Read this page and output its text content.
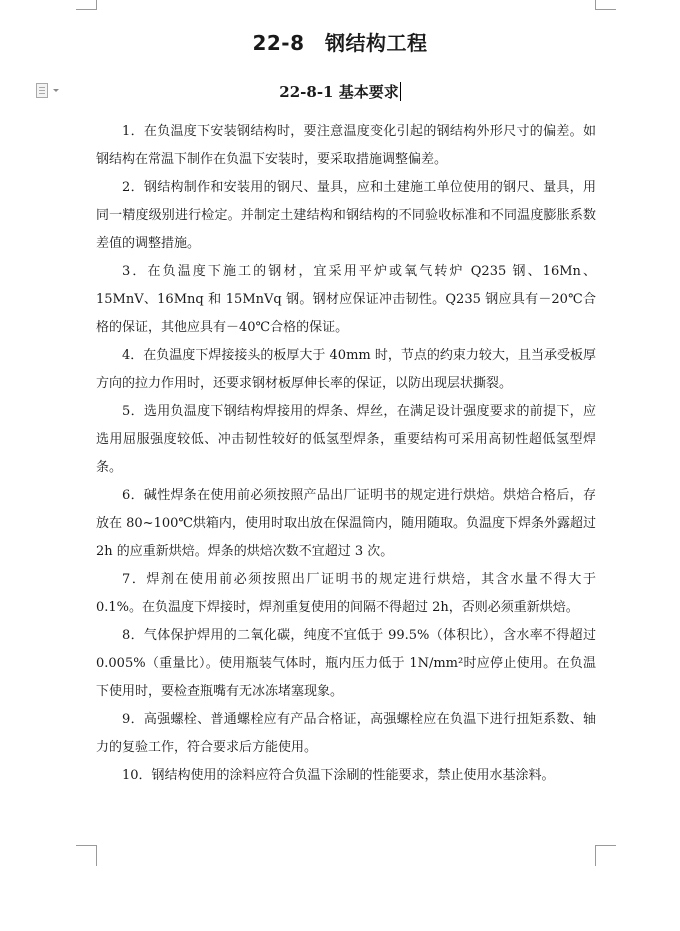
22-8　钢结构工程
22-8-1 基本要求

1．在负温度下安装钢结构时，要注意温度变化引起的钢结构外形尺寸的偏差。如钢结构在常温下制作在负温下安装时，要采取措施调整偏差。

2．钢结构制作和安装用的钢尺、量具，应和土建施工单位使用的钢尺、量具，用同一精度级别进行检定。并制定土建结构和钢结构的不同验收标准和不同温度膨胀系数差值的调整措施。

3．在负温度下施工的钢材，宜采用平炉或氧气转炉 Q235 钢、16Mn、15MnV、16Mnq 和 15MnVq 钢。钢材应保证冲击韧性。Q235 钢应具有－20℃合格的保证，其他应具有－40℃合格的保证。

4．在负温度下焊接接头的板厚大于 40mm 时，节点的约束力较大，且当承受板厚方向的拉力作用时，还要求钢材板厚伸长率的保证，以防出现层状撕裂。

5．选用负温度下钢结构焊接用的焊条、焊丝，在满足设计强度要求的前提下，应选用屈服强度较低、冲击韧性较好的低氢型焊条，重要结构可采用高韧性超低氢型焊条。

6．碱性焊条在使用前必须按照产品出厂证明书的规定进行烘焙。烘焙合格后，存放在 80~100℃烘箱内，使用时取出放在保温筒内，随用随取。负温度下焊条外露超过 2h 的应重新烘焙。焊条的烘焙次数不宜超过 3 次。

7．焊剂在使用前必须按照出厂证明书的规定进行烘焙，其含水量不得大于 0.1%。在负温度下焊接时，焊剂重复使用的间隔不得超过 2h，否则必须重新烘焙。

8．气体保护焊用的二氧化碳，纯度不宜低于 99.5%（体积比），含水率不得超过 0.005%（重量比）。使用瓶装气体时，瓶内压力低于 1N/mm²时应停止使用。在负温下使用时，要检查瓶嘴有无冰冻堵塞现象。

9．高强螺栓、普通螺栓应有产品合格证，高强螺栓应在负温下进行扭矩系数、轴力的复验工作，符合要求后方能使用。

10．钢结构使用的涂料应符合负温下涂刷的性能要求，禁止使用水基涂料。
